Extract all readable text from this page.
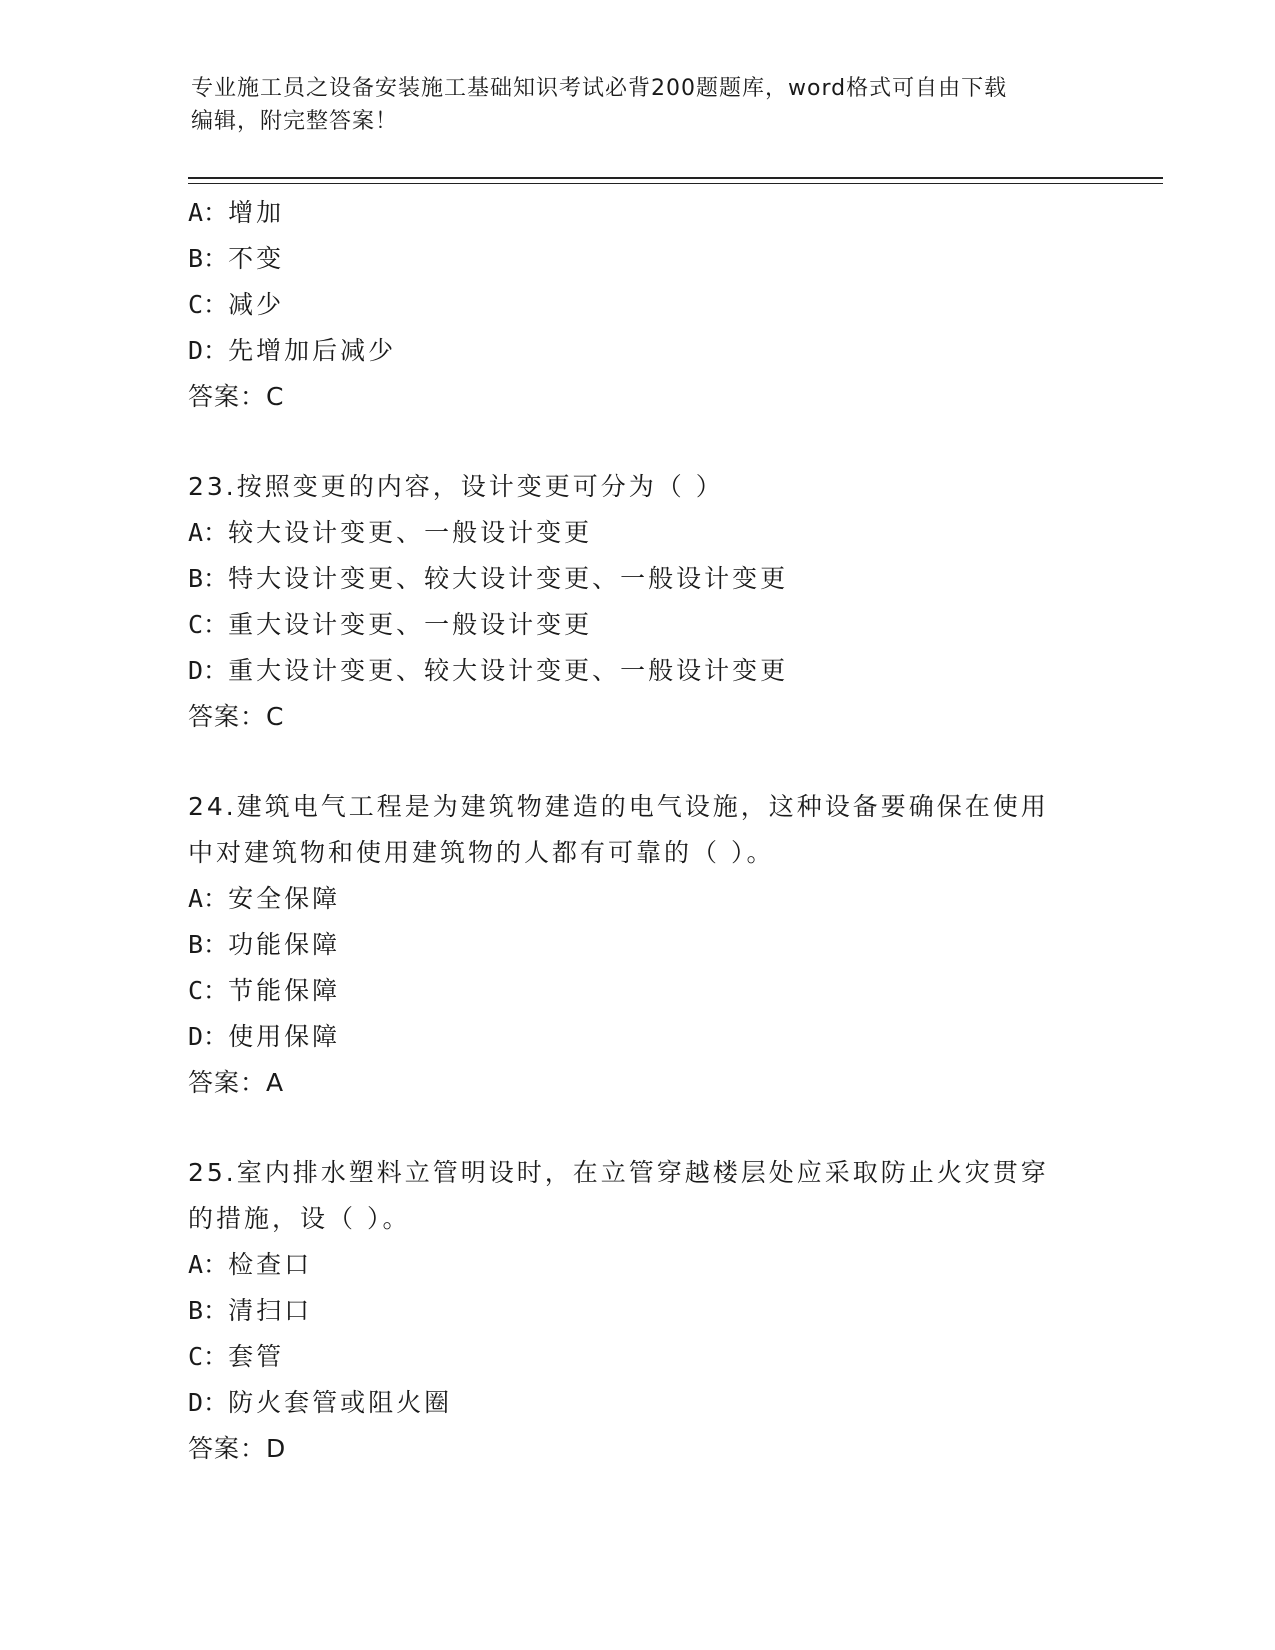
专业施工员之设备安装施工基础知识考试必背200题题库，word格式可自由下载
编辑，附完整答案！
A：增加
B：不变
C：减少
D：先增加后减少
答案：C
23.按照变更的内容，设计变更可分为（ ）
A：较大设计变更、一般设计变更
B：特大设计变更、较大设计变更、一般设计变更
C：重大设计变更、一般设计变更
D：重大设计变更、较大设计变更、一般设计变更
答案：C
24.建筑电气工程是为建筑物建造的电气设施，这种设备要确保在使用
中对建筑物和使用建筑物的人都有可靠的（ ）。
A：安全保障
B：功能保障
C：节能保障
D：使用保障
答案：A
25.室内排水塑料立管明设时，在立管穿越楼层处应采取防止火灾贯穿
的措施，设（ ）。
A：检查口
B：清扫口
C：套管
D：防火套管或阻火圈
答案：D
